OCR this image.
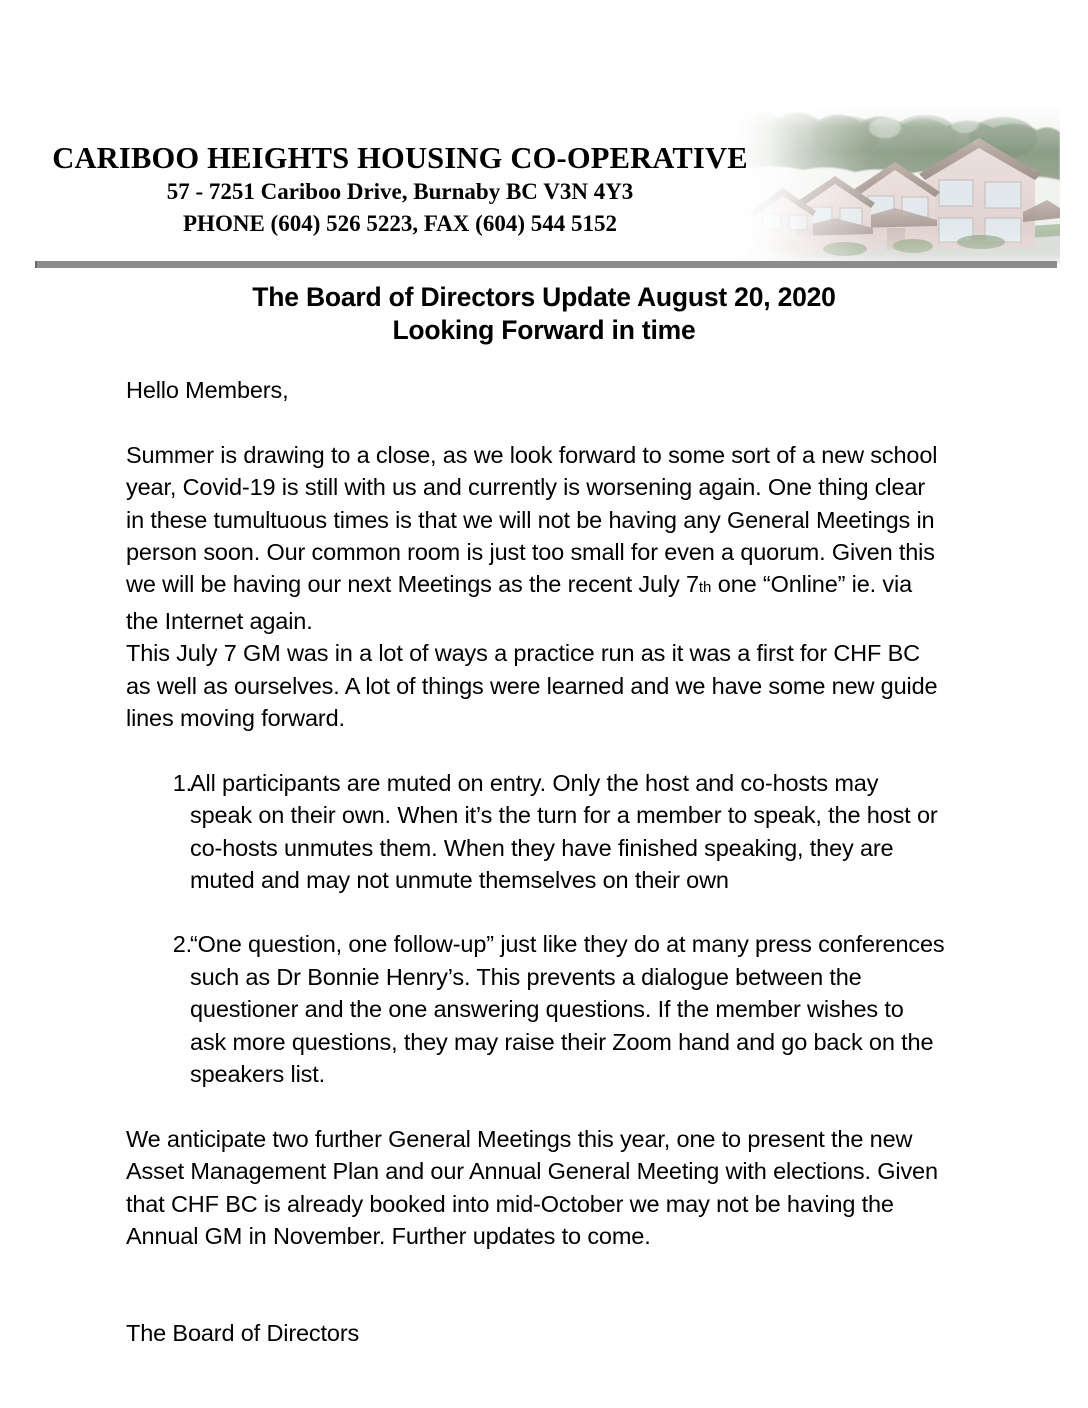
CARIBOO HEIGHTS HOUSING CO-OPERATIVE
57 - 7251 Cariboo Drive, Burnaby BC V3N 4Y3
PHONE (604) 526 5223, FAX (604) 544 5152
The Board of Directors Update August 20, 2020
Looking Forward in time

Hello Members,

Summer is drawing to a close, as we look forward to some sort of a new school year, Covid-19 is still with us and currently is worsening again. One thing clear in these tumultuous times is that we will not be having any General Meetings in person soon. Our common room is just too small for even a quorum. Given this we will be having our next Meetings as the recent July 7th one “Online” ie. via the Internet again.

This July 7 GM was in a lot of ways a practice run as it was a first for CHF BC as well as ourselves. A lot of things were learned and we have some new guide lines moving forward.

1.
All participants are muted on entry. Only the host and co-hosts may speak on their own. When it’s the turn for a member to speak, the host or co-hosts unmutes them. When they have finished speaking, they are muted and may not unmute themselves on their own
2.
“One question, one follow-up” just like they do at many press conferences such as Dr Bonnie Henry’s. This prevents a dialogue between the questioner and the one answering questions. If the member wishes to ask more questions, they may raise their Zoom hand and go back on the speakers list.

We anticipate two further General Meetings this year, one to present the new Asset Management Plan and our Annual General Meeting with elections. Given that CHF BC is already booked into mid-October we may not be having the Annual GM in November. Further updates to come.

The Board of Directors
